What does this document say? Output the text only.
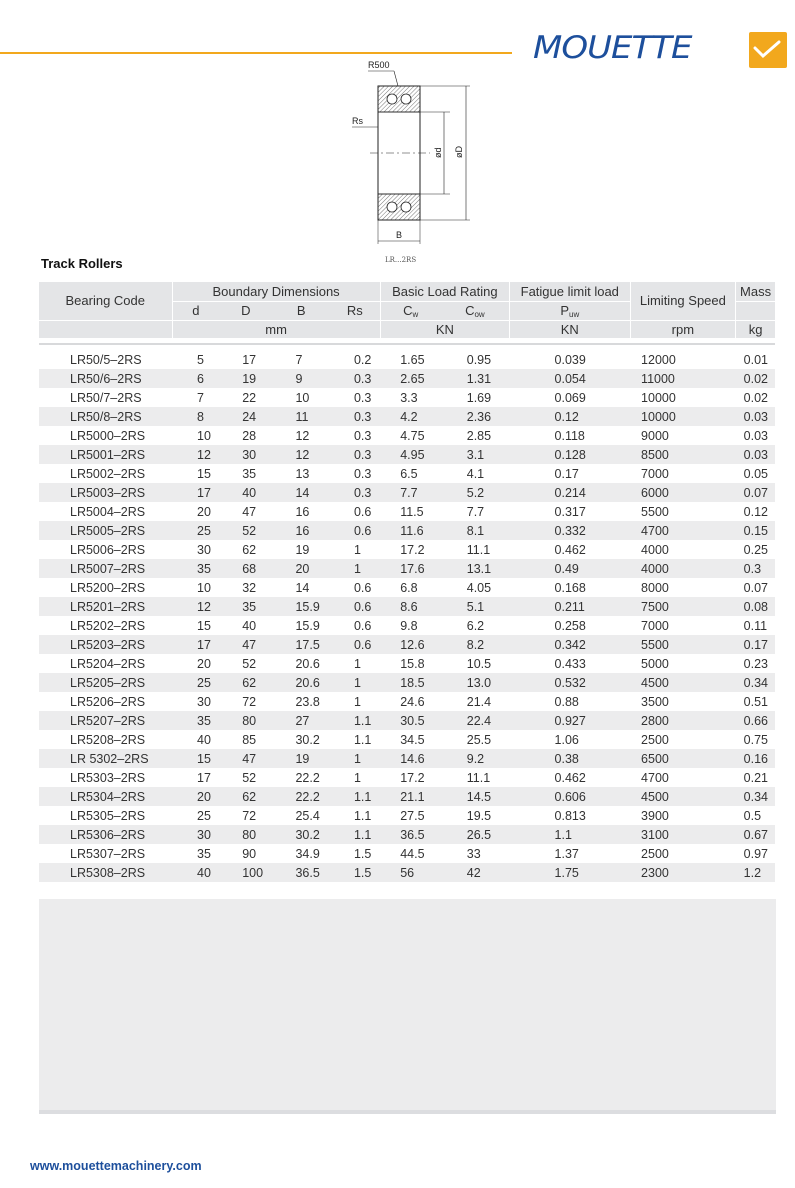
MOUETTE
R500
Rs
ød øD
B
LR...2RS
Track Rollers
Bearing Code	Boundary Dimensions				Basic Load Rating		Fatigue limit load	Limiting Speed	Mass
	d	D	B	Rs	$C_w$	$C_{ow}$	$P_{uw}$	
	mm				KN		KN	rpm	kg

LR50/5–2RS	5	17	7	0.2	1.65	0.95	0.039	12000	0.01
LR50/6–2RS	6	19	9	0.3	2.65	1.31	0.054	11000	0.02
LR50/7–2RS	7	22	10	0.3	3.3	1.69	0.069	10000	0.02
LR50/8–2RS	8	24	11	0.3	4.2	2.36	0.12	10000	0.03
LR5000–2RS	10	28	12	0.3	4.75	2.85	0.118	9000	0.03
LR5001–2RS	12	30	12	0.3	4.95	3.1	0.128	8500	0.03
LR5002–2RS	15	35	13	0.3	6.5	4.1	0.17	7000	0.05
LR5003–2RS	17	40	14	0.3	7.7	5.2	0.214	6000	0.07
LR5004–2RS	20	47	16	0.6	11.5	7.7	0.317	5500	0.12
LR5005–2RS	25	52	16	0.6	11.6	8.1	0.332	4700	0.15
LR5006–2RS	30	62	19	1	17.2	11.1	0.462	4000	0.25
LR5007–2RS	35	68	20	1	17.6	13.1	0.49	4000	0.3
LR5200–2RS	10	32	14	0.6	6.8	4.05	0.168	8000	0.07
LR5201–2RS	12	35	15.9	0.6	8.6	5.1	0.211	7500	0.08
LR5202–2RS	15	40	15.9	0.6	9.8	6.2	0.258	7000	0.11
LR5203–2RS	17	47	17.5	0.6	12.6	8.2	0.342	5500	0.17
LR5204–2RS	20	52	20.6	1	15.8	10.5	0.433	5000	0.23
LR5205–2RS	25	62	20.6	1	18.5	13.0	0.532	4500	0.34
LR5206–2RS	30	72	23.8	1	24.6	21.4	0.88	3500	0.51
LR5207–2RS	35	80	27	1.1	30.5	22.4	0.927	2800	0.66
LR5208–2RS	40	85	30.2	1.1	34.5	25.5	1.06	2500	0.75
LR 5302–2RS	15	47	19	1	14.6	9.2	0.38	6500	0.16
LR5303–2RS	17	52	22.2	1	17.2	11.1	0.462	4700	0.21
LR5304–2RS	20	62	22.2	1.1	21.1	14.5	0.606	4500	0.34
LR5305–2RS	25	72	25.4	1.1	27.5	19.5	0.813	3900	0.5
LR5306–2RS	30	80	30.2	1.1	36.5	26.5	1.1	3100	0.67
LR5307–2RS	35	90	34.9	1.5	44.5	33	1.37	2500	0.97
LR5308–2RS	40	100	36.5	1.5	56	42	1.75	2300	1.2
www.mouettemachinery.com
